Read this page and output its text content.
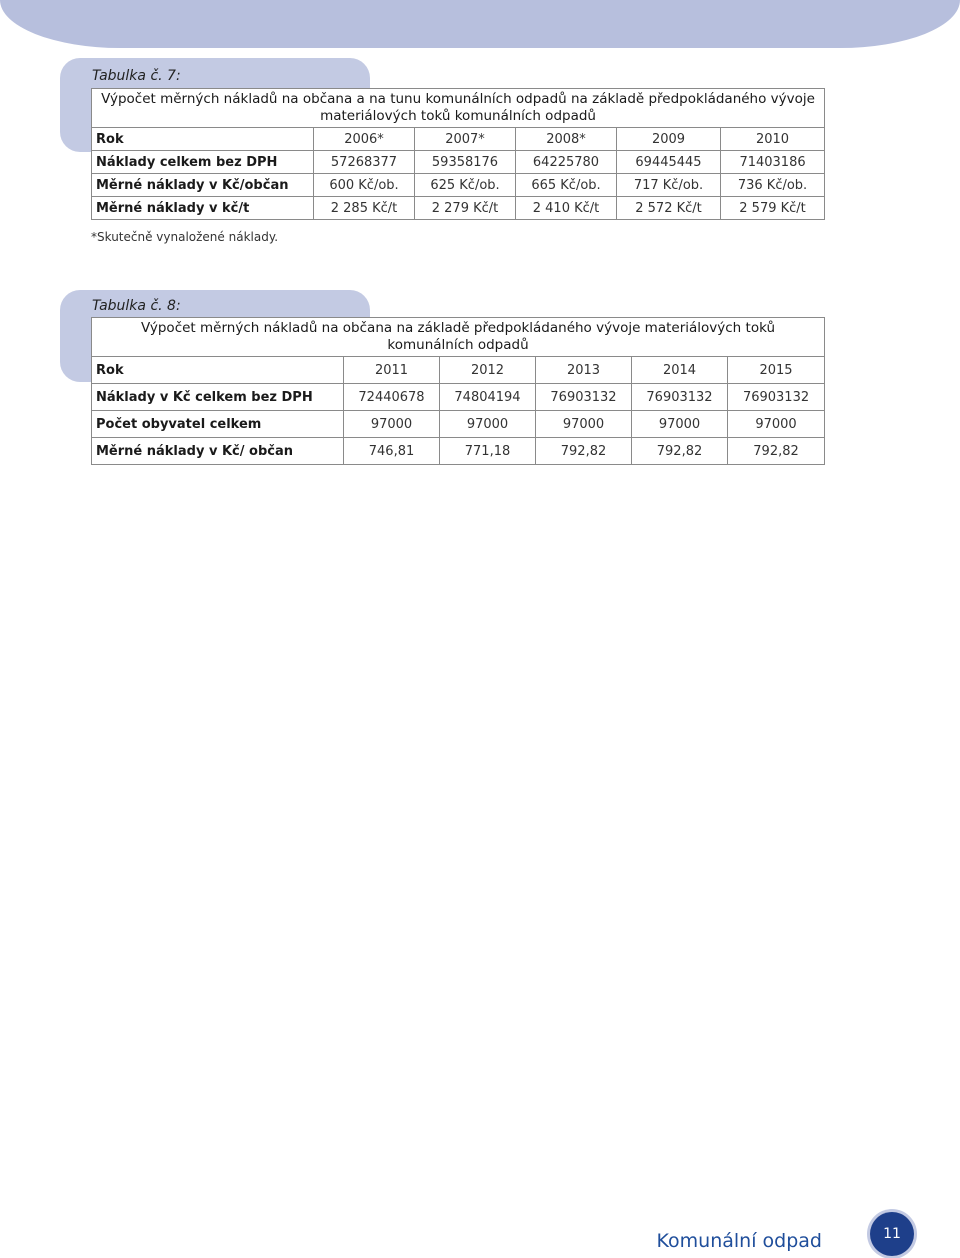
Tabulka č. 7:
Výpočet měrných nákladů na občana a na tunu komunálních odpadů na základě předpokládaného vývoje materiálových toků komunálních odpadů					
Rok	2006*	2007*	2008*	2009	2010
Náklady celkem bez DPH	57268377	59358176	64225780	69445445	71403186
Měrné náklady v Kč/občan	600 Kč/ob.	625 Kč/ob.	665 Kč/ob.	717 Kč/ob.	736 Kč/ob.
Měrné náklady v kč/t	2 285 Kč/t	2 279 Kč/t	2 410 Kč/t	2 572 Kč/t	2 579 Kč/t
*Skutečně vynaložené náklady.
Tabulka č. 8:
Výpočet měrných nákladů na občana na základě předpokládaného vývoje materiálových toků komunálních odpadů					
Rok	2011	2012	2013	2014	2015
Náklady v Kč celkem bez DPH	72440678	74804194	76903132	76903132	76903132
Počet obyvatel celkem	97000	97000	97000	97000	97000
Měrné náklady v Kč/ občan	746,81	771,18	792,82	792,82	792,82
Komunální odpad	11
